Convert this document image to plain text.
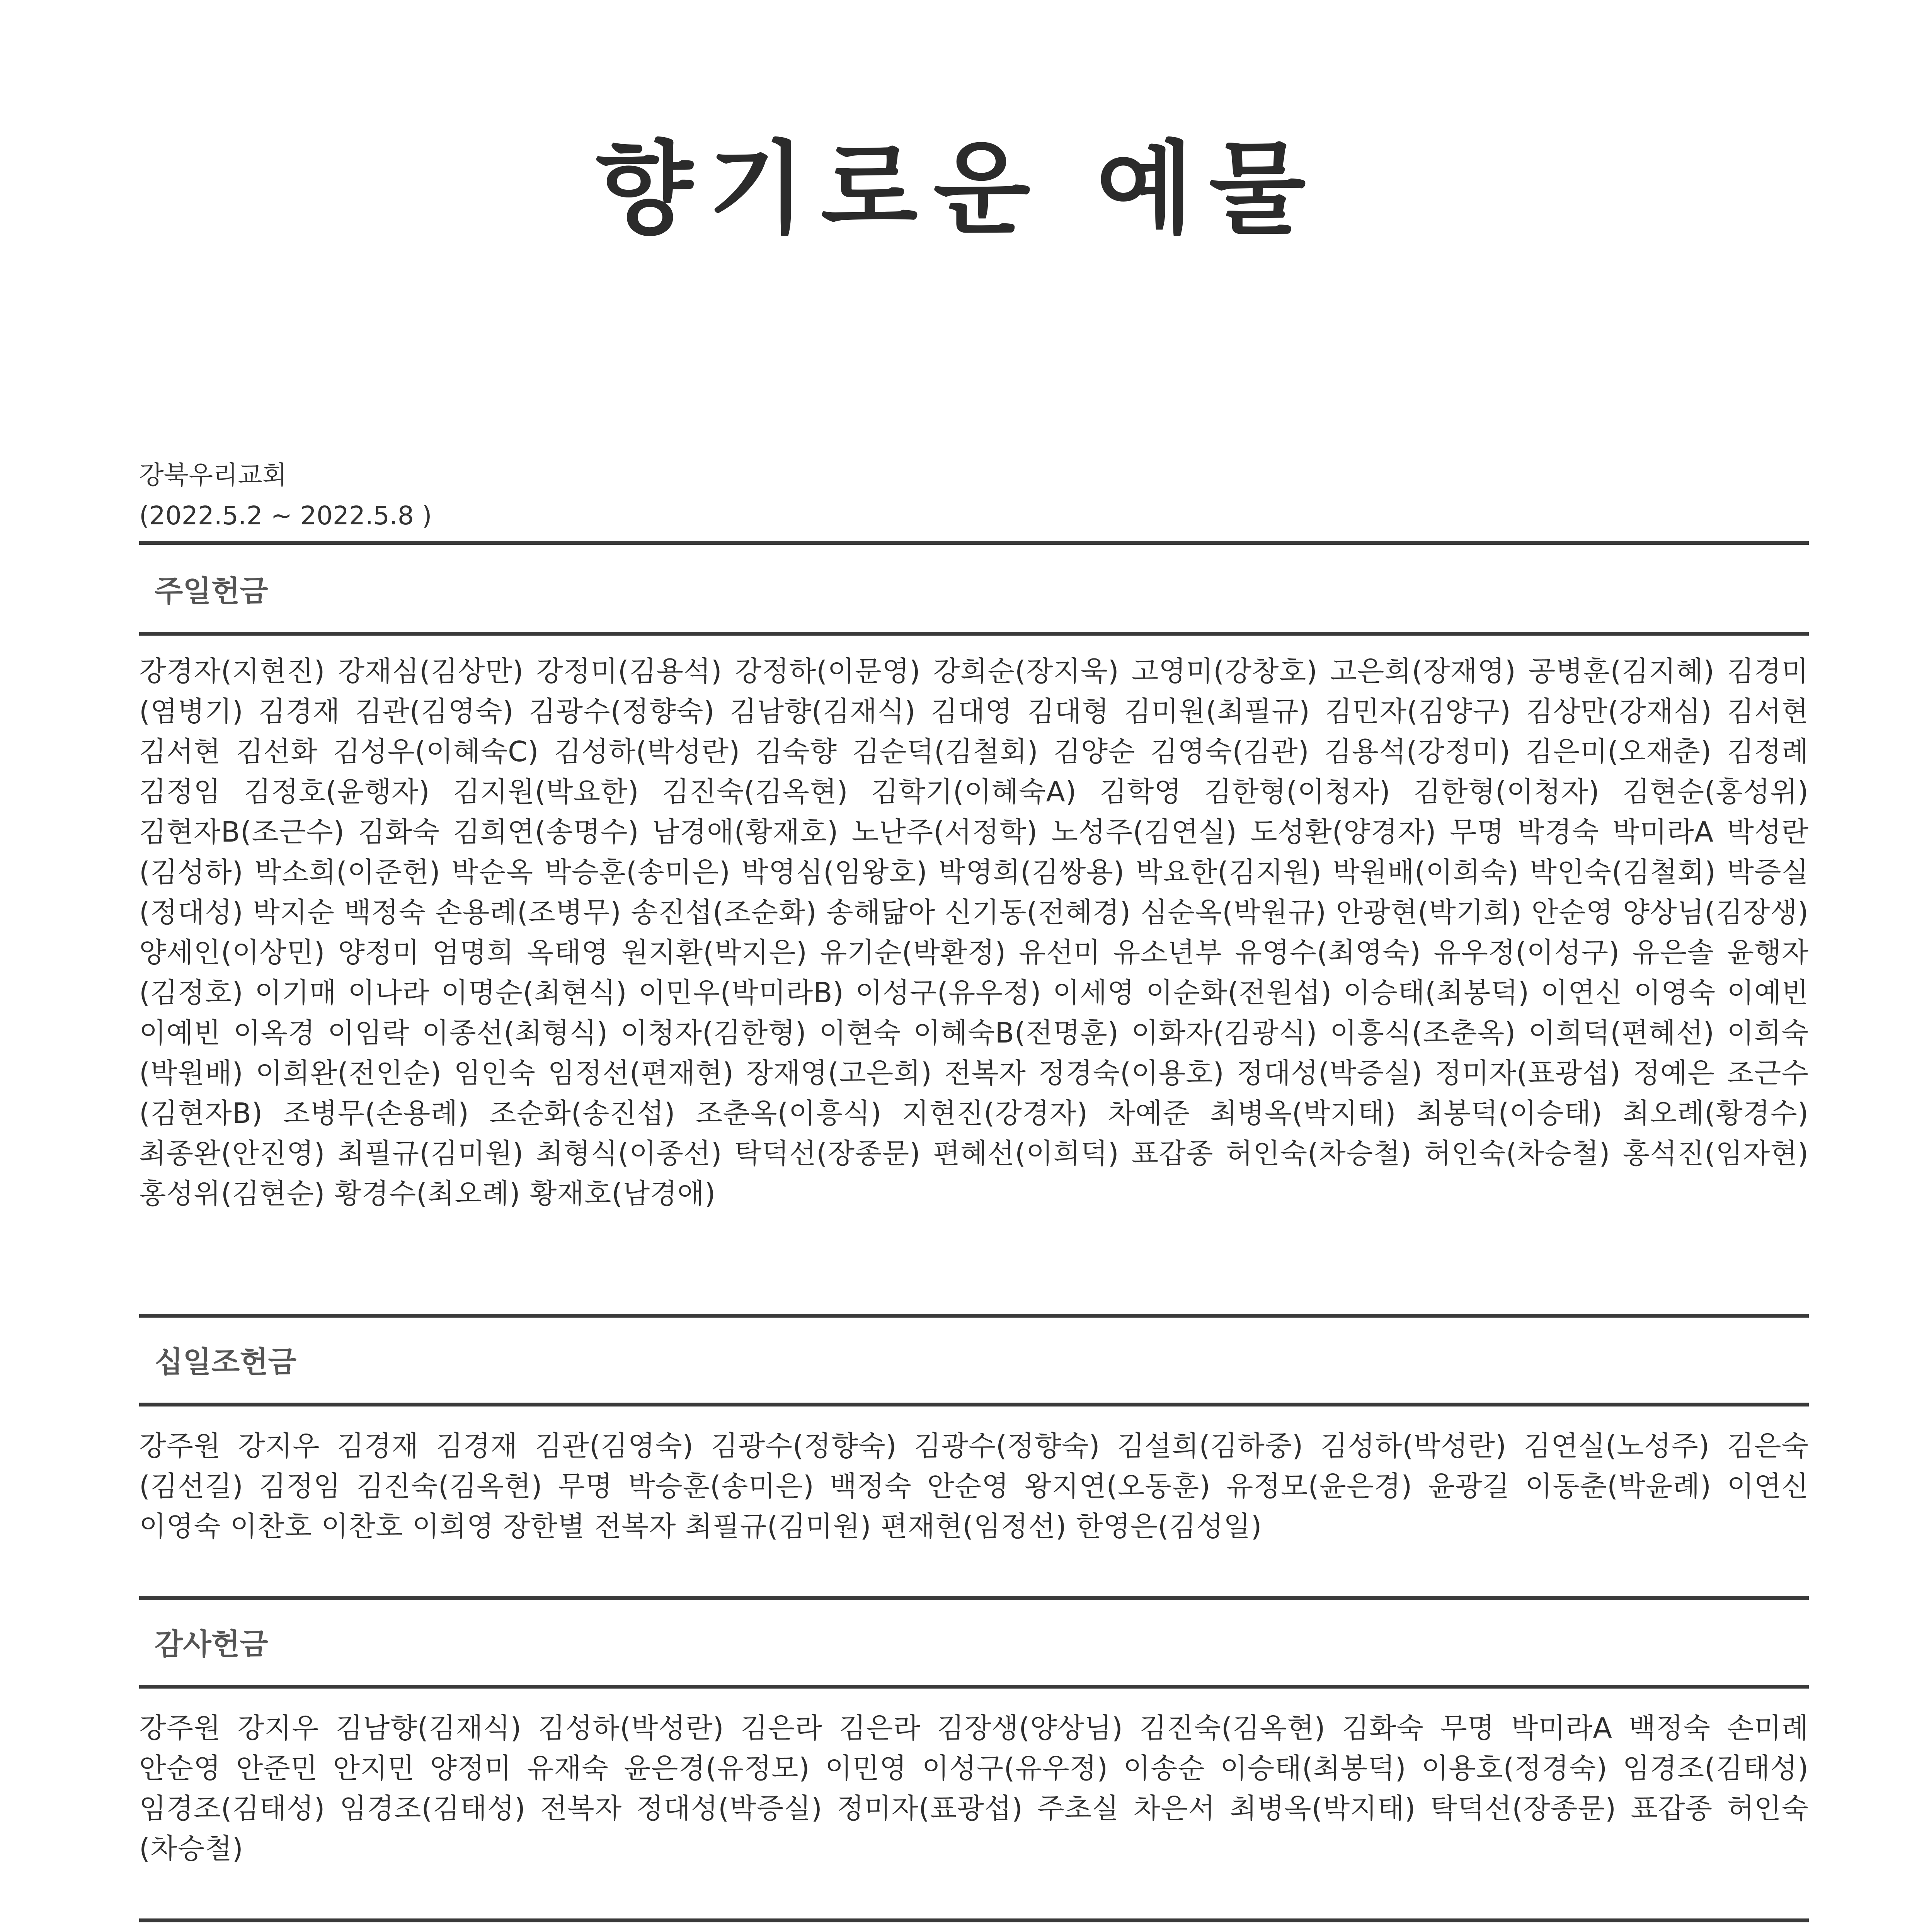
향기로운 예물
강북우리교회
(2022.5.2 ~ 2022.5.8 )
주일헌금
강경자(지현진) 강재심(김상만) 강정미(김용석) 강정하(이문영) 강희순(장지욱) 고영미(강창호) 고은희(장재영) 공병훈(김지혜) 김경미(염병기) 김경재 김관(김영숙) 김광수(정향숙) 김남향(김재식) 김대영 김대형 김미원(최필규) 김민자(김양구) 김상만(강재심) 김서현 김서현 김선화 김성우(이혜숙C) 김성하(박성란) 김숙향 김순덕(김철회) 김양순 김영숙(김관) 김용석(강정미) 김은미(오재춘) 김정례 김정임 김정호(윤행자) 김지원(박요한) 김진숙(김옥현) 김학기(이혜숙A) 김학영 김한형(이청자) 김한형(이청자) 김현순(홍성위) 김현자B(조근수) 김화숙 김희연(송명수) 남경애(황재호) 노난주(서정학) 노성주(김연실) 도성환(양경자) 무명 박경숙 박미라A 박성란(김성하) 박소희(이준헌) 박순옥 박승훈(송미은) 박영심(임왕호) 박영희(김쌍용) 박요한(김지원) 박원배(이희숙) 박인숙(김철회) 박증실(정대성) 박지순 백정숙 손용례(조병무) 송진섭(조순화) 송해닮아 신기동(전혜경) 심순옥(박원규) 안광현(박기희) 안순영 양상님(김장생) 양세인(이상민) 양정미 엄명희 옥태영 원지환(박지은) 유기순(박환정) 유선미 유소년부 유영수(최영숙) 유우정(이성구) 유은솔 윤행자(김정호) 이기매 이나라 이명순(최현식) 이민우(박미라B) 이성구(유우정) 이세영 이순화(전원섭) 이승태(최봉덕) 이연신 이영숙 이예빈 이예빈 이옥경 이임락 이종선(최형식) 이청자(김한형) 이현숙 이혜숙B(전명훈) 이화자(김광식) 이흥식(조춘옥) 이희덕(편혜선) 이희숙(박원배) 이희완(전인순) 임인숙 임정선(편재현) 장재영(고은희) 전복자 정경숙(이용호) 정대성(박증실) 정미자(표광섭) 정예은 조근수(김현자B) 조병무(손용례) 조순화(송진섭) 조춘옥(이흥식) 지현진(강경자) 차예준 최병옥(박지태) 최봉덕(이승태) 최오례(황경수) 최종완(안진영) 최필규(김미원) 최형식(이종선) 탁덕선(장종문) 편혜선(이희덕) 표갑종 허인숙(차승철) 허인숙(차승철) 홍석진(임자현) 홍성위(김현순) 황경수(최오례) 황재호(남경애)
십일조헌금
강주원 강지우 김경재 김경재 김관(김영숙) 김광수(정향숙) 김광수(정향숙) 김설희(김하중) 김성하(박성란) 김연실(노성주) 김은숙(김선길) 김정임 김진숙(김옥현) 무명 박승훈(송미은) 백정숙 안순영 왕지연(오동훈) 유정모(윤은경) 윤광길 이동춘(박윤례) 이연신 이영숙 이찬호 이찬호 이희영 장한별 전복자 최필규(김미원) 편재현(임정선) 한영은(김성일)
감사헌금
강주원 강지우 김남향(김재식) 김성하(박성란) 김은라 김은라 김장생(양상님) 김진숙(김옥현) 김화숙 무명 박미라A 백정숙 손미례 안순영 안준민 안지민 양정미 유재숙 윤은경(유정모) 이민영 이성구(유우정) 이송순 이승태(최봉덕) 이용호(정경숙) 임경조(김태성) 임경조(김태성) 임경조(김태성) 전복자 정대성(박증실) 정미자(표광섭) 주초실 차은서 최병옥(박지태) 탁덕선(장종문) 표갑종 허인숙(차승철)
